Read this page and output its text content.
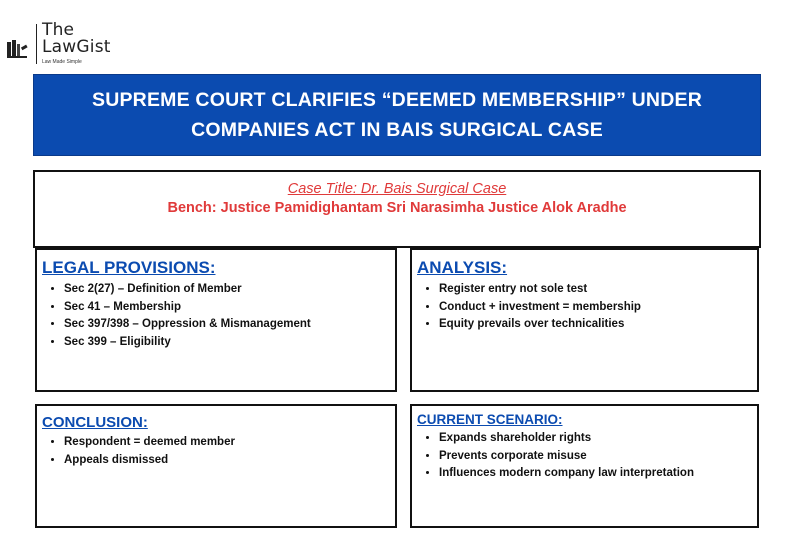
The
LawGist
Law Made Simple
SUPREME COURT CLARIFIES “DEEMED MEMBERSHIP” UNDER COMPANIES ACT IN BAIS SURGICAL CASE
Case Title: Dr. Bais Surgical Case
Bench: Justice Pamidighantam Sri Narasimha Justice Alok Aradhe
LEGAL PROVISIONS:
• Sec 2(27) – Definition of Member
• Sec 41 – Membership
• Sec 397/398 – Oppression & Mismanagement
• Sec 399 – Eligibility
ANALYSIS:
• Register entry not sole test
• Conduct + investment = membership
• Equity prevails over technicalities
CONCLUSION:
• Respondent = deemed member
• Appeals dismissed
CURRENT SCENARIO:
• Expands shareholder rights
• Prevents corporate misuse
• Influences modern company law interpretation
